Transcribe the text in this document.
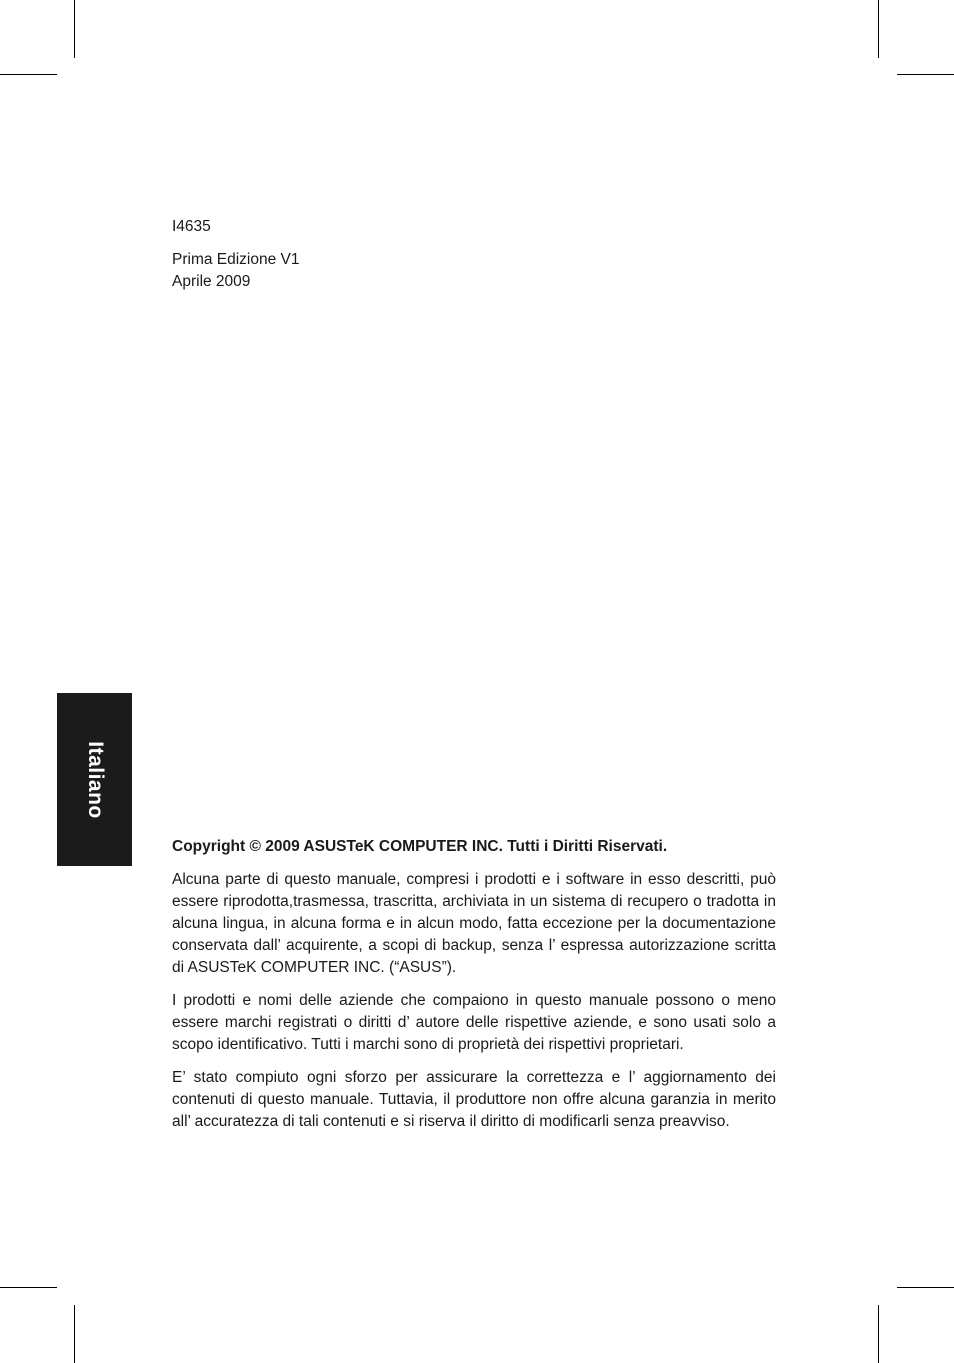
I4635
Prima Edizione V1
Aprile 2009
Italiano
Copyright © 2009 ASUSTeK COMPUTER INC. Tutti i Diritti Riservati.

Alcuna parte di questo manuale, compresi i prodotti e i software in esso descritti, può essere riprodotta,trasmessa, trascritta, archiviata in un sistema di recupero o tradotta in alcuna lingua, in alcuna forma e in alcun modo, fatta eccezione per la documentazione conservata dall’ acquirente, a scopi di backup, senza l’ espressa autorizzazione scritta di ASUSTeK COMPUTER INC. (“ASUS”).

I prodotti e nomi delle aziende che compaiono in questo manuale possono o meno essere marchi registrati o diritti d’ autore delle rispettive aziende, e sono usati solo a scopo identificativo. Tutti i marchi sono di proprietà dei rispettivi proprietari.

E’ stato compiuto ogni sforzo per assicurare la correttezza e l’ aggiornamento dei contenuti di questo manuale. Tuttavia, il produttore non offre alcuna garanzia in merito all’ accuratezza di tali contenuti e si riserva il diritto di modificarli senza preavviso.
